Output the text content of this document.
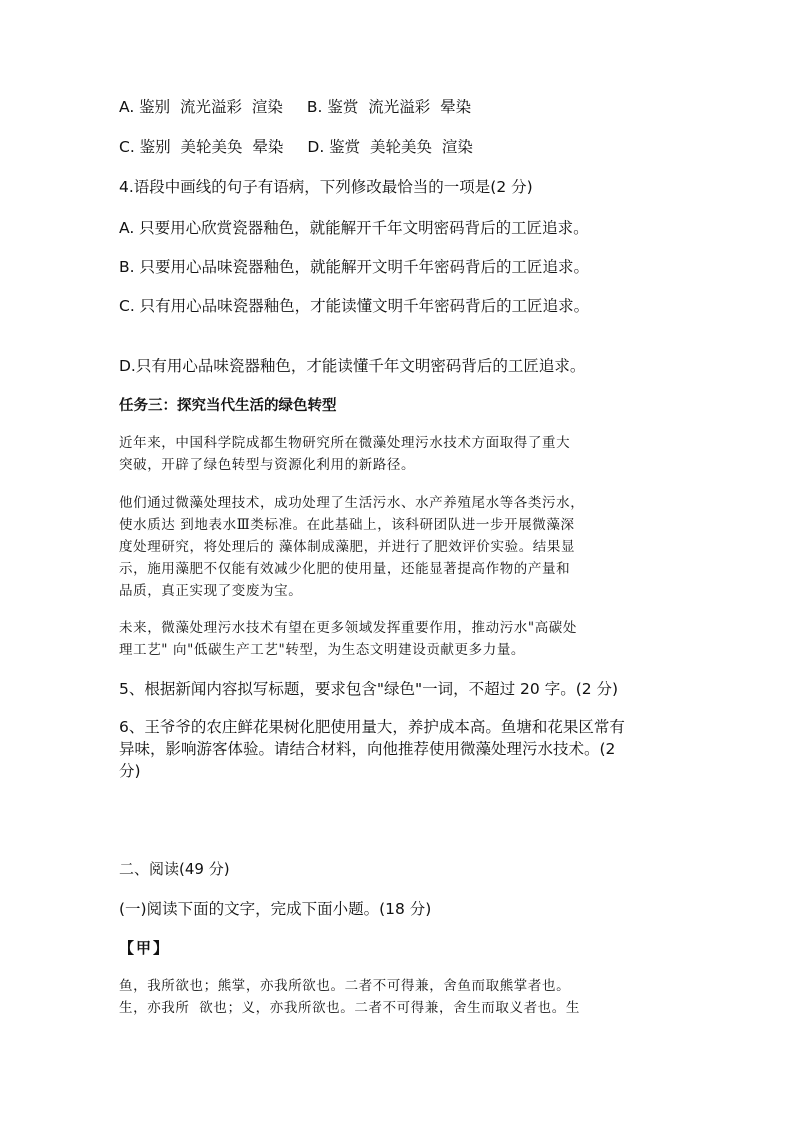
A. 鉴别  流光溢彩  渲染 B. 鉴赏  流光溢彩  晕染
C. 鉴别  美轮美奂  晕染 D. 鉴赏  美轮美奂  渲染
4.语段中画线的句子有语病，下列修改最恰当的一项是(2 分)
A. 只要用心欣赏瓷器釉色，就能解开千年文明密码背后的工匠追求。
B. 只要用心品味瓷器釉色，就能解开文明千年密码背后的工匠追求。
C. 只有用心品味瓷器釉色，才能读懂文明千年密码背后的工匠追求。
D.只有用心品味瓷器釉色，才能读懂千年文明密码背后的工匠追求。
任务三：探究当代生活的绿色转型
近年来，中国科学院成都生物研究所在微藻处理污水技术方面取得了重大
突破，开辟了绿色转型与资源化利用的新路径。
他们通过微藻处理技术，成功处理了生活污水、水产养殖尾水等各类污水，
使水质达 到地表水Ⅲ类标准。在此基础上，该科研团队进一步开展微藻深
度处理研究，将处理后的 藻体制成藻肥，并进行了肥效评价实验。结果显
示，施用藻肥不仅能有效减少化肥的使用量，还能显著提高作物的产量和
品质，真正实现了变废为宝。
未来，微藻处理污水技术有望在更多领域发挥重要作用，推动污水"高碳处
理工艺" 向"低碳生产工艺"转型，为生态文明建设贡献更多力量。
5、根据新闻内容拟写标题，要求包含"绿色"一词，不超过 20 字。(2 分)
6、王爷爷的农庄鲜花果树化肥使用量大，养护成本高。鱼塘和花果区常有
异味，影响游客体验。请结合材料，向他推荐使用微藻处理污水技术。(2
分)
二、阅读(49 分)
(一)阅读下面的文字，完成下面小题。(18 分)
【甲】
鱼，我所欲也；熊掌，亦我所欲也。二者不可得兼，舍鱼而取熊掌者也。
生，亦我所  欲也；义，亦我所欲也。二者不可得兼，舍生而取义者也。生
